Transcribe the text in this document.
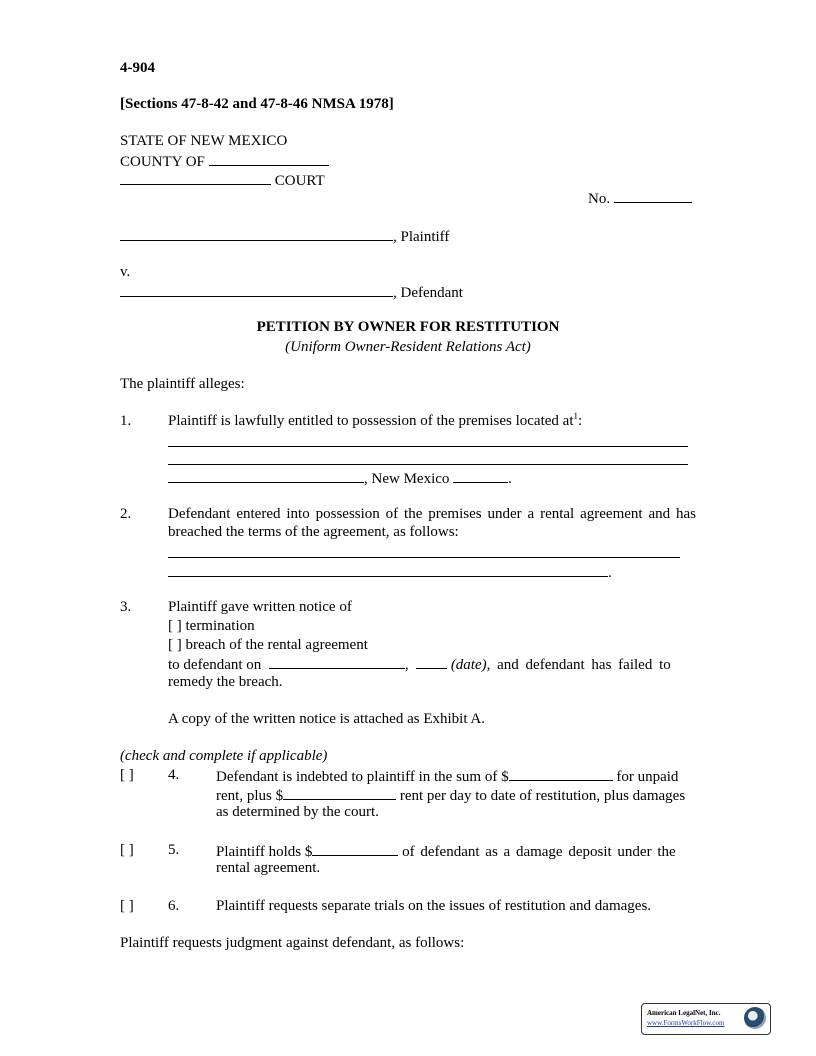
4-904
[Sections 47-8-42 and 47-8-46 NMSA 1978]
STATE OF NEW MEXICO
COUNTY OF
COURT
No.
, Plaintiff
v.
, Defendant
PETITION BY OWNER FOR RESTITUTION
(Uniform Owner-Resident Relations Act)
The plaintiff alleges:
1. Plaintiff is lawfully entitled to possession of the premises located $at^1$:
, New Mexico	.
2. Defendant entered into possession of the premises under a rental agreement and has breached the terms of the agreement, as follows:
.
3. Plaintiff gave written notice of
[ ] termination
[ ] breach of the rental agreement
to defendant on	,	(date), and defendant has failed to
remedy the breach.
A copy of the written notice is attached as Exhibit A.
(check and complete if applicable)
[ ] 4. Defendant is indebted to plaintiff in the sum of $	for unpaid
rent, plus $	rent per day to date of restitution, plus damages
as determined by the court.
[ ] 5. Plaintiff holds $	of defendant as a damage deposit under the
rental agreement.
[ ] 6. Plaintiff requests separate trials on the issues of restitution and damages.
Plaintiff requests judgment against defendant, as follows:
American LegalNet, Inc.
www.FormsWorkFlow.com
